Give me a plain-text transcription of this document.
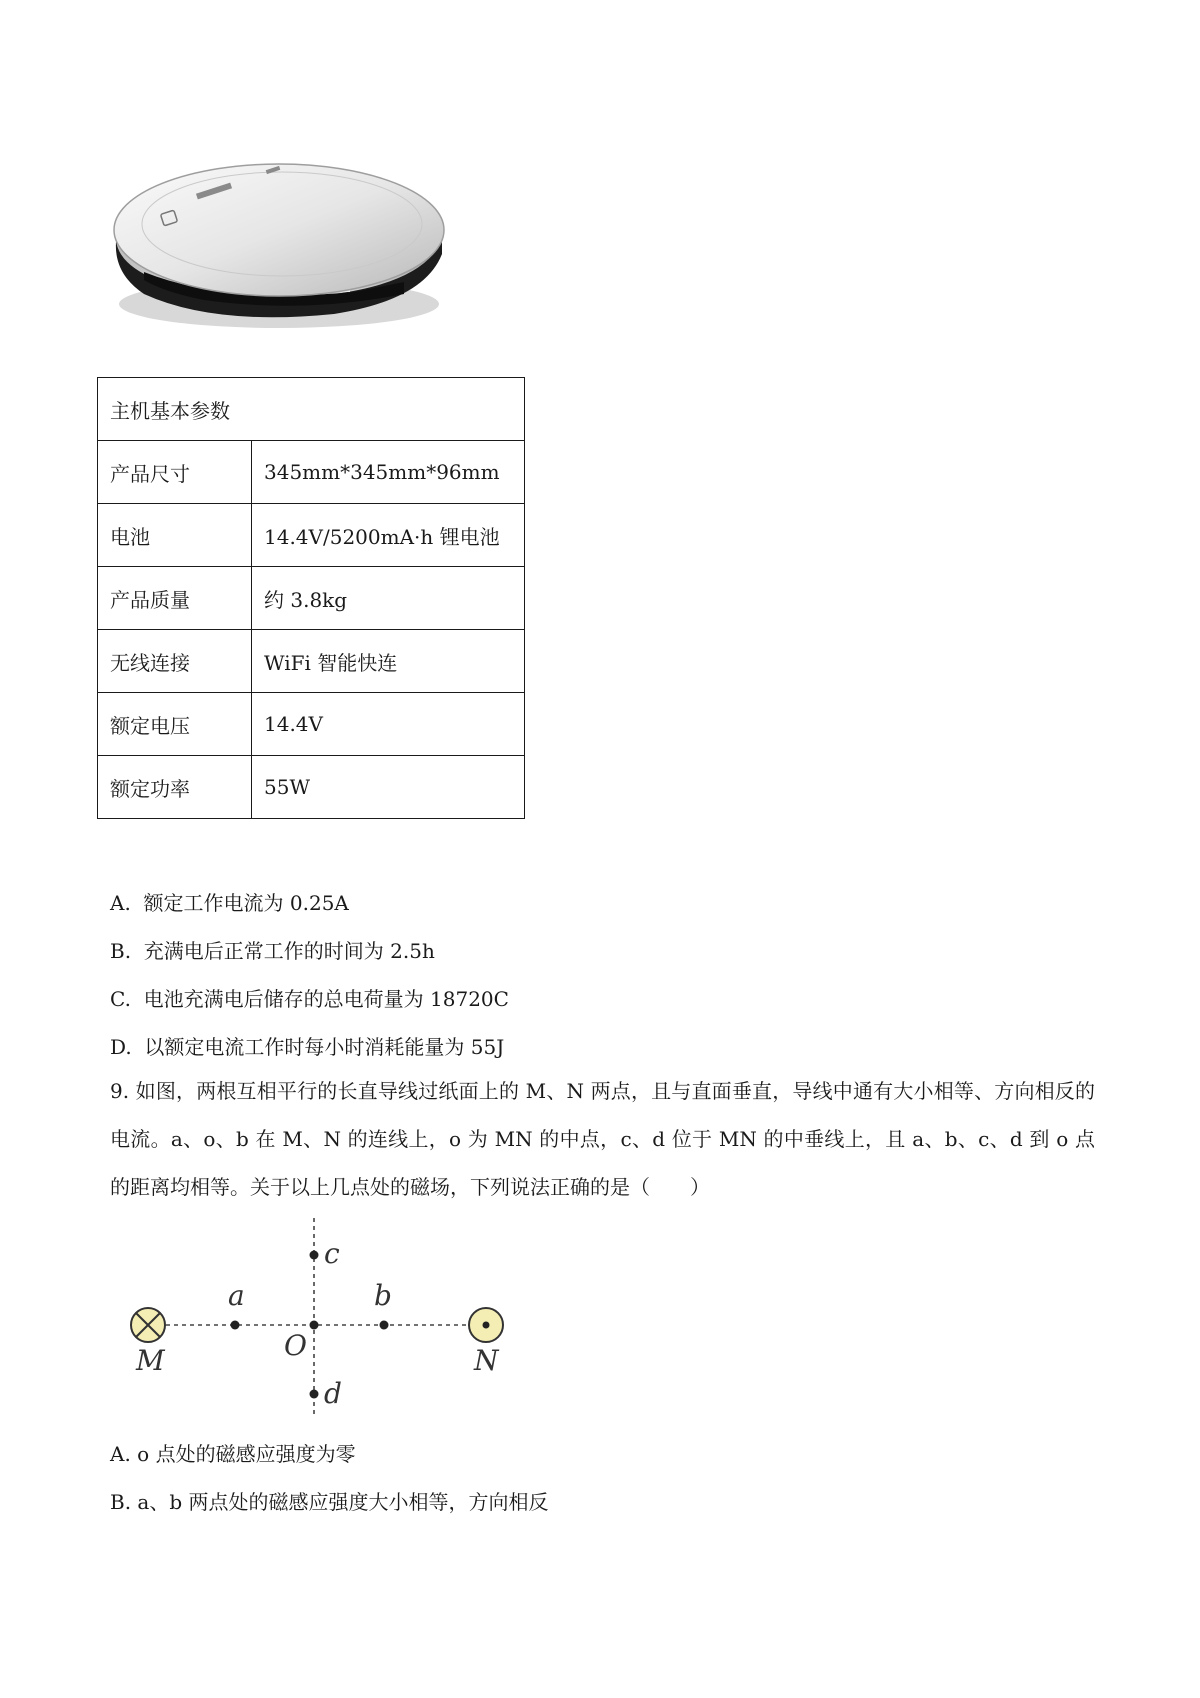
主机基本参数	
产品尺寸	345mm*345mm*96mm
电池	14.4V/5200mA·h 锂电池
产品质量	约 3.8kg
无线连接	WiFi 智能快连
额定电压	14.4V
额定功率	55W
A. 额定工作电流为 0.25A
B. 充满电后正常工作的时间为 2.5h
C. 电池充满电后储存的总电荷量为 18720C
D. 以额定电流工作时每小时消耗能量为 55J
9. 如图，两根互相平行的长直导线过纸面上的 M、N 两点，且与直面垂直，导线中通有大小相等、方向相反的电流。a、o、b 在 M、N 的连线上，o 为 MN 的中点，c、d 位于 MN 的中垂线上，且 a、b、c、d 到 o 点的距离均相等。关于以上几点处的磁场，下列说法正确的是（　　）
M	N
O
a	b
c
d
A. o 点处的磁感应强度为零
B. a、b 两点处的磁感应强度大小相等，方向相反
